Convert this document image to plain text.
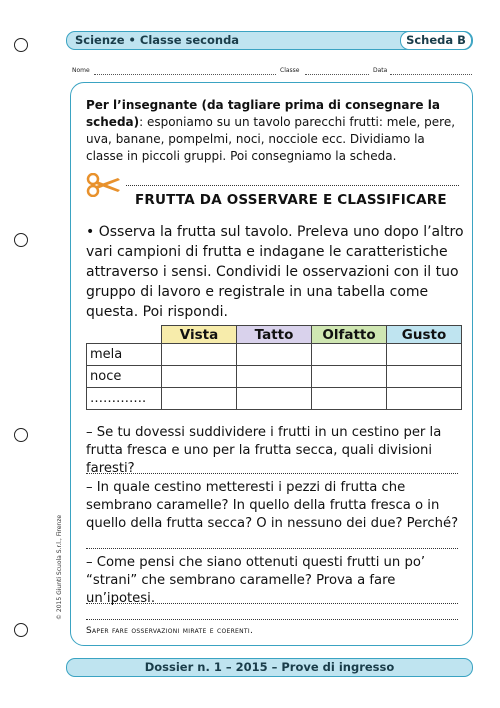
Scienze • Classe seconda	Scheda B
Nome	Classe	Data
Per l’insegnante (da tagliare prima di consegnare la scheda): esponiamo su un tavolo parecchi frutti: mele, pere, uva, banane, pompelmi, noci, nocciole ecc. Dividiamo la classe in piccoli gruppi. Poi consegniamo la scheda.
FRUTTA DA OSSERVARE E CLASSIFICARE
• Osserva la frutta sul tavolo. Preleva uno dopo l’altro vari campioni di frutta e indagane le caratteristiche attraverso i sensi. Condividi le osservazioni con il tuo gruppo di lavoro e registrale in una tabella come questa. Poi rispondi.
	Vista	Tatto	Olfatto	Gusto
mela				
noce				
………….				
– Se tu dovessi suddividere i frutti in un cestino per la frutta fresca e uno per la frutta secca, quali divisioni faresti?
– In quale cestino metteresti i pezzi di frutta che sembrano caramelle? In quello della frutta fresca o in quello della frutta secca? O in nessuno dei due? Perché?
– Come pensi che siano ottenuti questi frutti un po’ “strani” che sembrano caramelle? Prova a fare un’ipotesi.
Saper fare osservazioni mirate e coerenti.
© 2015 Giunti Scuola S.r.l., Firenze
Dossier n. 1 – 2015 – Prove di ingresso
